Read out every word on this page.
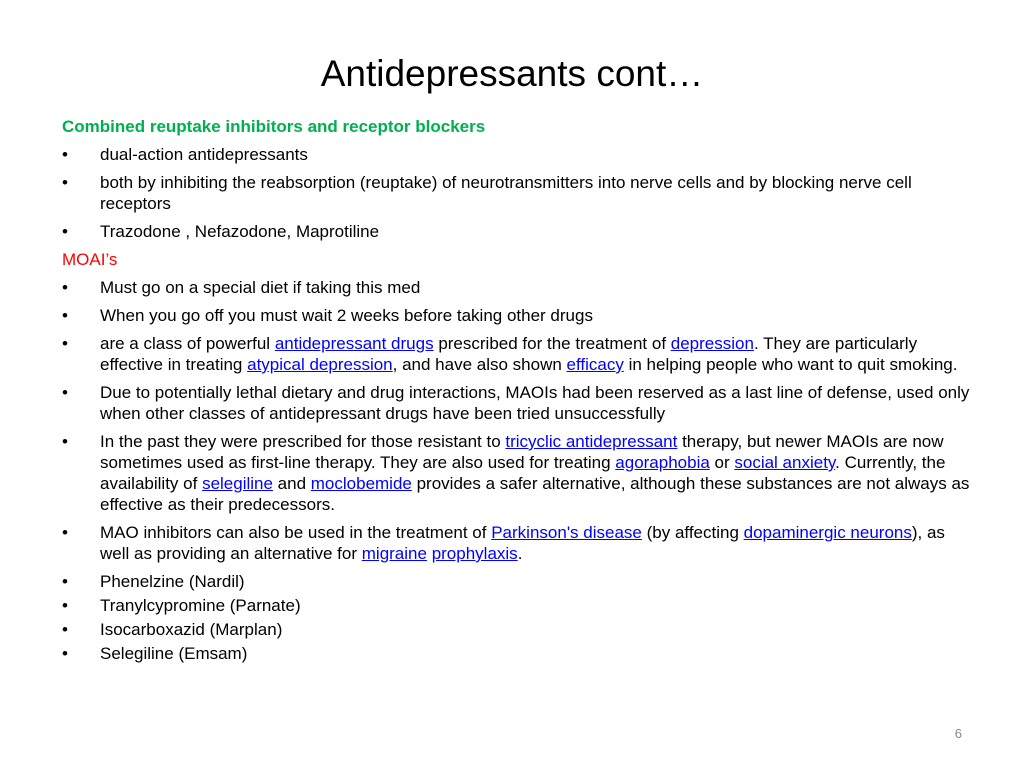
Antidepressants cont…
Combined reuptake inhibitors and receptor blockers
• dual-action antidepressants
• both by inhibiting the reabsorption (reuptake) of neurotransmitters into nerve cells and by blocking nerve cell receptors
• Trazodone , Nefazodone, Maprotiline
MOAI’s
• Must go on a special diet if taking this med
• When you go off you must wait 2 weeks before taking other drugs
• are a class of powerful antidepressant drugs prescribed for the treatment of depression. They are particularly effective in treating atypical depression, and have also shown efficacy in helping people who want to quit smoking.
• Due to potentially lethal dietary and drug interactions, MAOIs had been reserved as a last line of defense, used only when other classes of antidepressant drugs have been tried unsuccessfully
• In the past they were prescribed for those resistant to tricyclic antidepressant therapy, but newer MAOIs are now sometimes used as first-line therapy. They are also used for treating agoraphobia or social anxiety. Currently, the availability of selegiline and moclobemide provides a safer alternative, although these substances are not always as effective as their predecessors.
• MAO inhibitors can also be used in the treatment of Parkinson's disease (by affecting dopaminergic neurons), as well as providing an alternative for migraine prophylaxis.
• Phenelzine (Nardil)
• Tranylcypromine (Parnate)
• Isocarboxazid (Marplan)
• Selegiline (Emsam)
6
